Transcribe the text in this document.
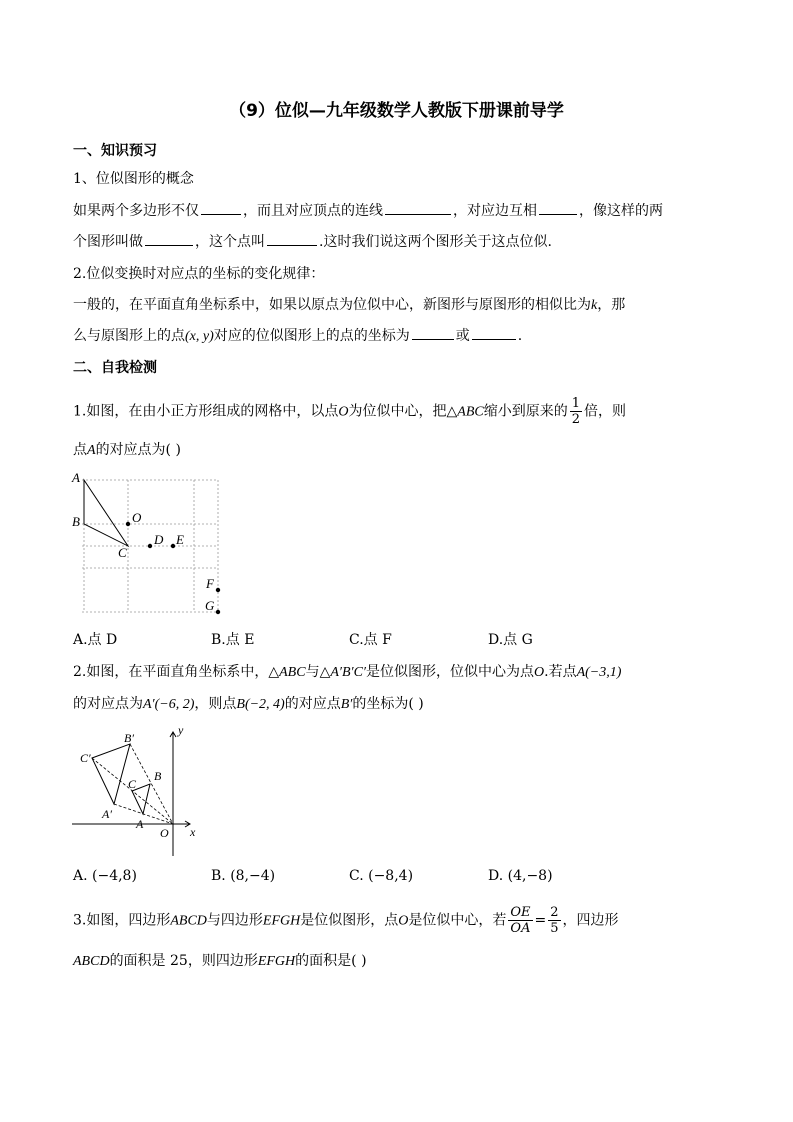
（9）位似—九年级数学人教版下册课前导学
一、知识预习
1、位似图形的概念
如果两个多边形不仅	，而且对应顶点的连线	，对应边互相	，像这样的两
个图形叫做	，这个点叫	.这时我们说这两个图形关于这点位似.
2.位似变换时对应点的坐标的变化规律：
一般的，在平面直角坐标系中，如果以原点为位似中心，新图形与原图形的相似比为k，那
么与原图形上的点(x, y)对应的位似图形上的点的坐标为	或	.
二、自我检测
1.如图，在由小正方形组成的网格中，以点O为位似中心，把△ABC缩小到原来的 $\frac{1}{2}$ 倍，则
点A的对应点为( )
A
B
C
O
D E
F
G
A.点 D	B.点 E	C.点 F	D.点 G
2.如图，在平面直角坐标系中，△ABC与△A′B′C′是位似图形，位似中心为点O.若点A(−3,1)
的对应点为A′(−6, 2)，则点B(−2, 4)的对应点B′的坐标为( )
y
x
O
C′
B′
A′
C
B
A
A. (−4,8)	B. (8,−4)	C. (−8,4)	D. (4,−8)
3.如图，四边形ABCD与四边形EFGH是位似图形，点O是位似中心，若 $\frac{OE}{OA} = \frac{2}{5}$ ，四边形
ABCD的面积是 25，则四边形EFGH的面积是( )
